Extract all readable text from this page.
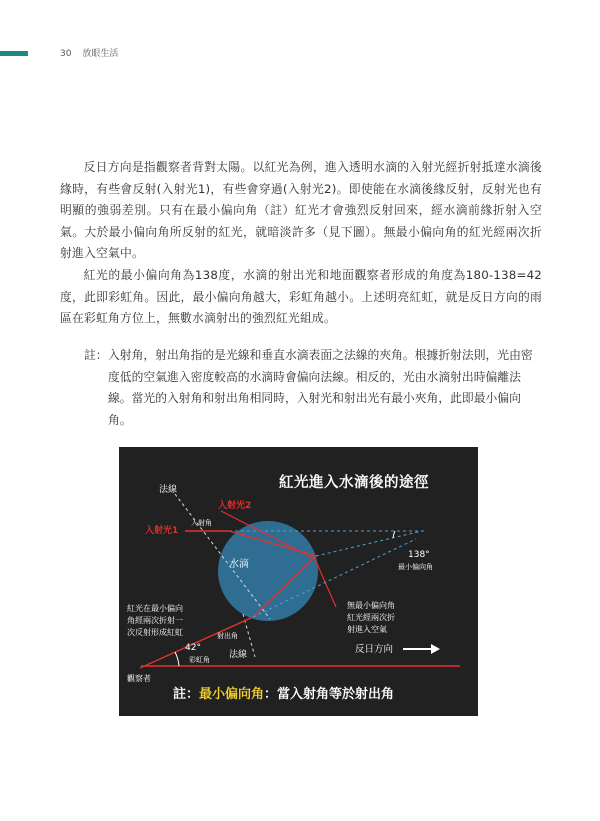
30 放眼生活

反日方向是指觀察者背對太陽。以紅光為例，進入透明水滴的入射光經折射抵達水滴後緣時，有些會反射(入射光1)，有些會穿過(入射光2)。即使能在水滴後緣反射，反射光也有明顯的強弱差別。只有在最小偏向角（註）紅光才會強烈反射回來，經水滴前緣折射入空氣。大於最小偏向角所反射的紅光，就暗淡許多（見下圖）。無最小偏向角的紅光經兩次折射進入空氣中。

紅光的最小偏向角為138度，水滴的射出光和地面觀察者形成的角度為180-138=42度，此即彩虹角。因此，最小偏向角越大，彩虹角越小。上述明亮紅虹，就是反日方向的雨區在彩虹角方位上，無數水滴射出的強烈紅光組成。

註： 入射角，射出角指的是光線和垂直水滴表面之法線的夾角。根據折射法則，光由密度低的空氣進入密度較高的水滴時會偏向法線。相反的，光由水滴射出時偏離法線。當光的入射角和射出角相同時，入射光和射出光有最小夾角，此即最小偏向角。
紅光進入水滴後的途徑
法線
入射光2
入射角
入射光1
水滴
138°
最小偏向角
紅光在最小偏向
角經兩次折射一
次反射形成紅虹	射出角
42°
彩虹角 法線
無最小偏向角
紅光經兩次折
射進入空氣
反日方向
觀察者
註：最小偏向角：當入射角等於射出角
